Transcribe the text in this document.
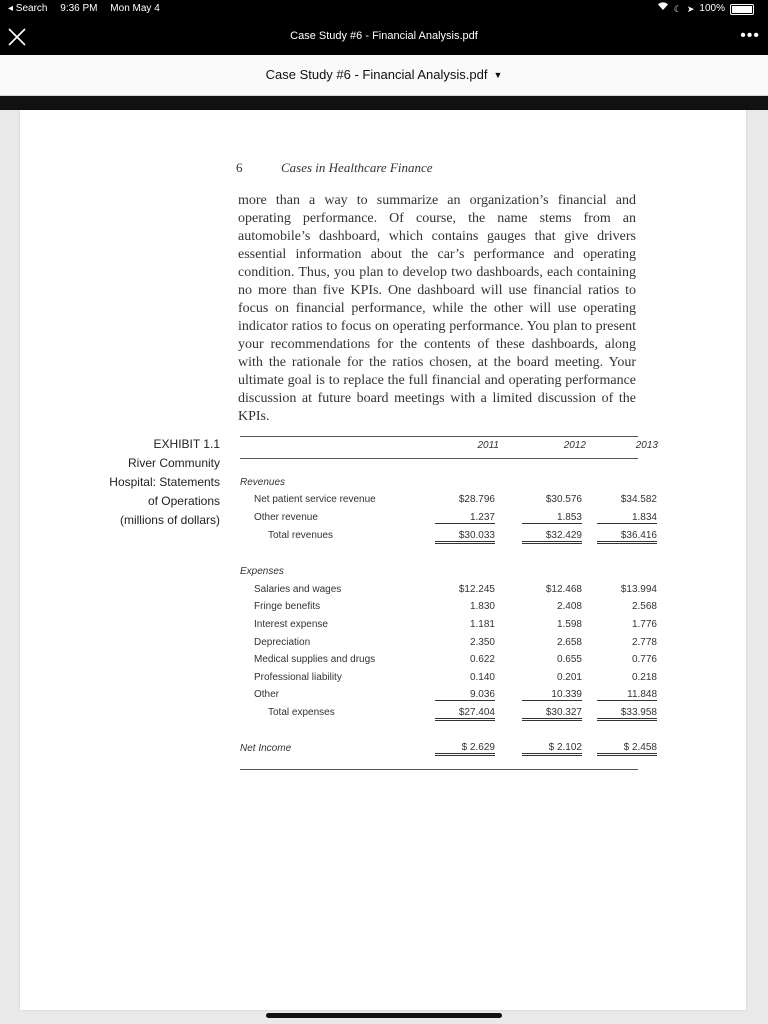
◂ Search 9:36 PM Mon May 4	☾ ➤ 100%
Case Study #6 - Financial Analysis.pdf	•••
Case Study #6 - Financial Analysis.pdf ▼
6	Cases in Healthcare Finance

more than a way to summarize an organization’s financial and operating performance. Of course, the name stems from an automobile’s dashboard, which contains gauges that give drivers essential information about the car’s performance and operating condition. Thus, you plan to develop two dashboards, each containing no more than five KPIs. One dashboard will use financial ratios to focus on financial performance, while the other will use operating indicator ratios to focus on operating performance. You plan to present your recommendations for the contents of these dashboards, along with the rationale for the ratios chosen, at the board meeting. Your ultimate goal is to replace the full financial and operating performance discussion at future board meetings with a limited discussion of the KPIs.

EXHIBIT 1.1
River Community
Hospital: Statements
of Operations
(millions of dollars)
2011	2012	2013
Revenues
Net patient service revenue	$28.796	$30.576	$34.582
Other revenue	1.237	1.853	1.834
Total revenues	$30.033	$32.429	$36.416
Expenses
Salaries and wages	$12.245	$12.468	$13.994
Fringe benefits	1.830	2.408	2.568
Interest expense	1.181	1.598	1.776
Depreciation	2.350	2.658	2.778
Medical supplies and drugs	0.622	0.655	0.776
Professional liability	0.140	0.201	0.218
Other	9.036	10.339	11.848
Total expenses	$27.404	$30.327	$33.958
Net Income	$ 2.629	$ 2.102	$ 2.458
